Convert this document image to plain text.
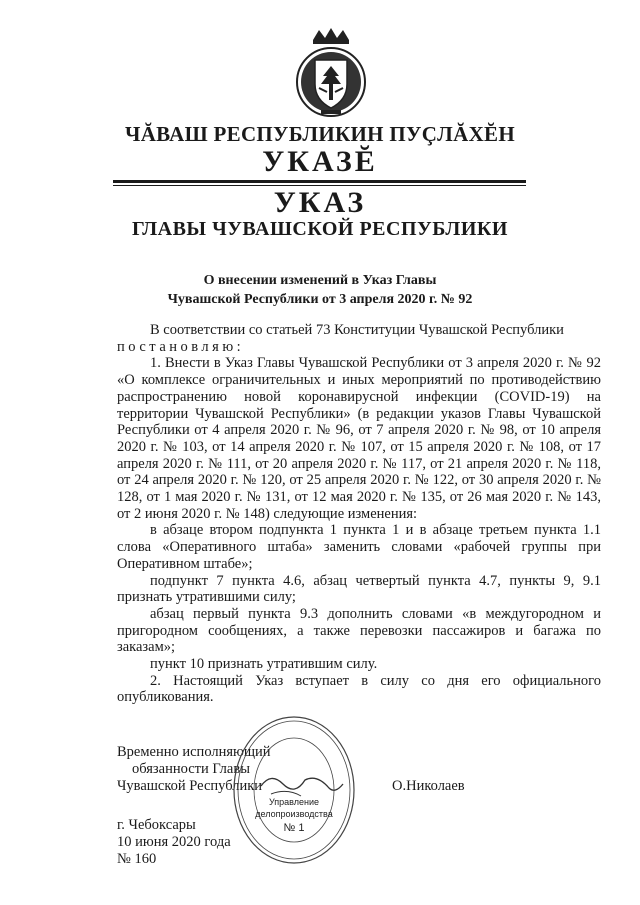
ЧĂВАШ РЕСПУБЛИКИН ПУÇЛĂХĔН
УКАЗĔ
УКАЗ
ГЛАВЫ ЧУВАШСКОЙ РЕСПУБЛИКИ
О внесении изменений в Указ Главы
Чувашской Республики от 3 апреля 2020 г. № 92

В соответствии со статьей 73 Конституции Чувашской Республики

постановляю:

1. Внести в Указ Главы Чувашской Республики от 3 апреля 2020 г. № 92 «О комплексе ограничительных и иных мероприятий по противодействию распространению новой коронавирусной инфекции (COVID-19) на территории Чувашской Республики» (в редакции указов Главы Чувашской Республики от 4 апреля 2020 г. № 96, от 7 апреля 2020 г. № 98, от 10 апреля 2020 г. № 103, от 14 апреля 2020 г. № 107, от 15 апреля 2020 г. № 108, от 17 апреля 2020 г. № 111, от 20 апреля 2020 г. № 117, от 21 апреля 2020 г. № 118, от 24 апреля 2020 г. № 120, от 25 апреля 2020 г. № 122, от 30 апреля 2020 г. № 128, от 1 мая 2020 г. № 131, от 12 мая 2020 г. № 135, от 26 мая 2020 г. № 143, от 2 июня 2020 г. № 148) следующие изменения:

в абзаце втором подпункта 1 пункта 1 и в абзаце третьем пункта 1.1 слова «Оперативного штаба» заменить словами «рабочей группы при Оперативном штабе»;

подпункт 7 пункта 4.6, абзац четвертый пункта 4.7, пункты 9, 9.1 признать утратившими силу;

абзац первый пункта 9.3 дополнить словами «в междугородном и пригородном сообщениях, а также перевозки пассажиров и багажа по заказам»;

пункт 10 признать утратившим силу.

2. Настоящий Указ вступает в силу со дня его официального опубликования.

Временно исполняющий
обязанности Главы
Чувашской Республики	О.Николаев
Управление
делопроизводства
№ 1
г. Чебоксары
10 июня 2020 года
№ 160
